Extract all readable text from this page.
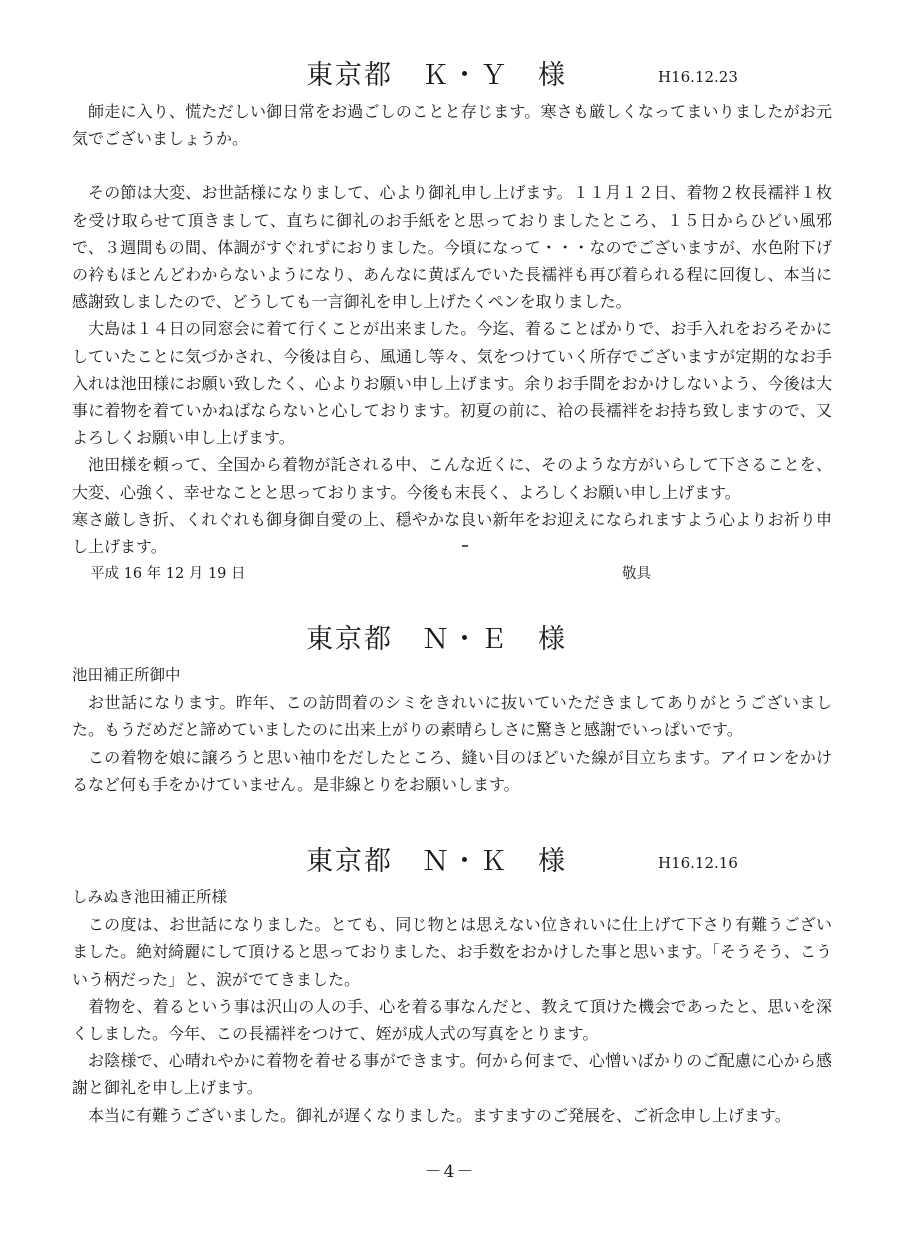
東京都　Ｋ・Ｙ　様	H16.12.23

師走に入り、慌ただしい御日常をお過ごしのことと存じます。寒さも厳しくなってまいりましたがお元気でございましょうか。

その節は大変、お世話様になりまして、心より御礼申し上げます。１１月１２日、着物２枚長襦袢１枚を受け取らせて頂きまして、直ちに御礼のお手紙をと思っておりましたところ、１５日からひどい風邪で、３週間もの間、体調がすぐれずにおりました。今頃になって・・・なのでございますが、水色附下げの衿もほとんどわからないようになり、あんなに黄ばんでいた長襦袢も再び着られる程に回復し、本当に感謝致しましたので、どうしても一言御礼を申し上げたくペンを取りました。

大島は１４日の同窓会に着て行くことが出来ました。今迄、着ることばかりで、お手入れをおろそかにしていたことに気づかされ、今後は自ら、風通し等々、気をつけていく所存でございますが定期的なお手入れは池田様にお願い致したく、心よりお願い申し上げます。余りお手間をおかけしないよう、今後は大事に着物を着ていかねばならないと心しております。初夏の前に、袷の長襦袢をお持ち致しますので、又よろしくお願い申し上げます。

池田様を頼って、全国から着物が託される中、こんな近くに、そのような方がいらして下さることを、大変、心強く、幸せなことと思っております。今後も末長く、よろしくお願い申し上げます。

寒さ厳しき折、くれぐれも御身御自愛の上、穏やかな良い新年をお迎えになられますよう心よりお祈り申し上げます。

平成 16 年 12 月 19 日	敬具
東京都　Ｎ・Ｅ　様

池田補正所御中

お世話になります。昨年、この訪問着のシミをきれいに抜いていただきましてありがとうございました。もうだめだと諦めていましたのに出来上がりの素晴らしさに驚きと感謝でいっぱいです。

この着物を娘に譲ろうと思い袖巾をだしたところ、縫い目のほどいた線が目立ちます。アイロンをかけるなど何も手をかけていません。是非線とりをお願いします。

東京都　Ｎ・Ｋ　様	H16.12.16

しみぬき池田補正所様

この度は、お世話になりました。とても、同じ物とは思えない位きれいに仕上げて下さり有難うございました。絶対綺麗にして頂けると思っておりました、お手数をおかけした事と思います。「そうそう、こういう柄だった」と、涙がでてきました。

着物を、着るという事は沢山の人の手、心を着る事なんだと、教えて頂けた機会であったと、思いを深くしました。今年、この長襦袢をつけて、姪が成人式の写真をとります。

お陰様で、心晴れやかに着物を着せる事ができます。何から何まで、心憎いばかりのご配慮に心から感謝と御礼を申し上げます。

本当に有難うございました。御礼が遅くなりました。ますますのご発展を、ご祈念申し上げます。

－4－
